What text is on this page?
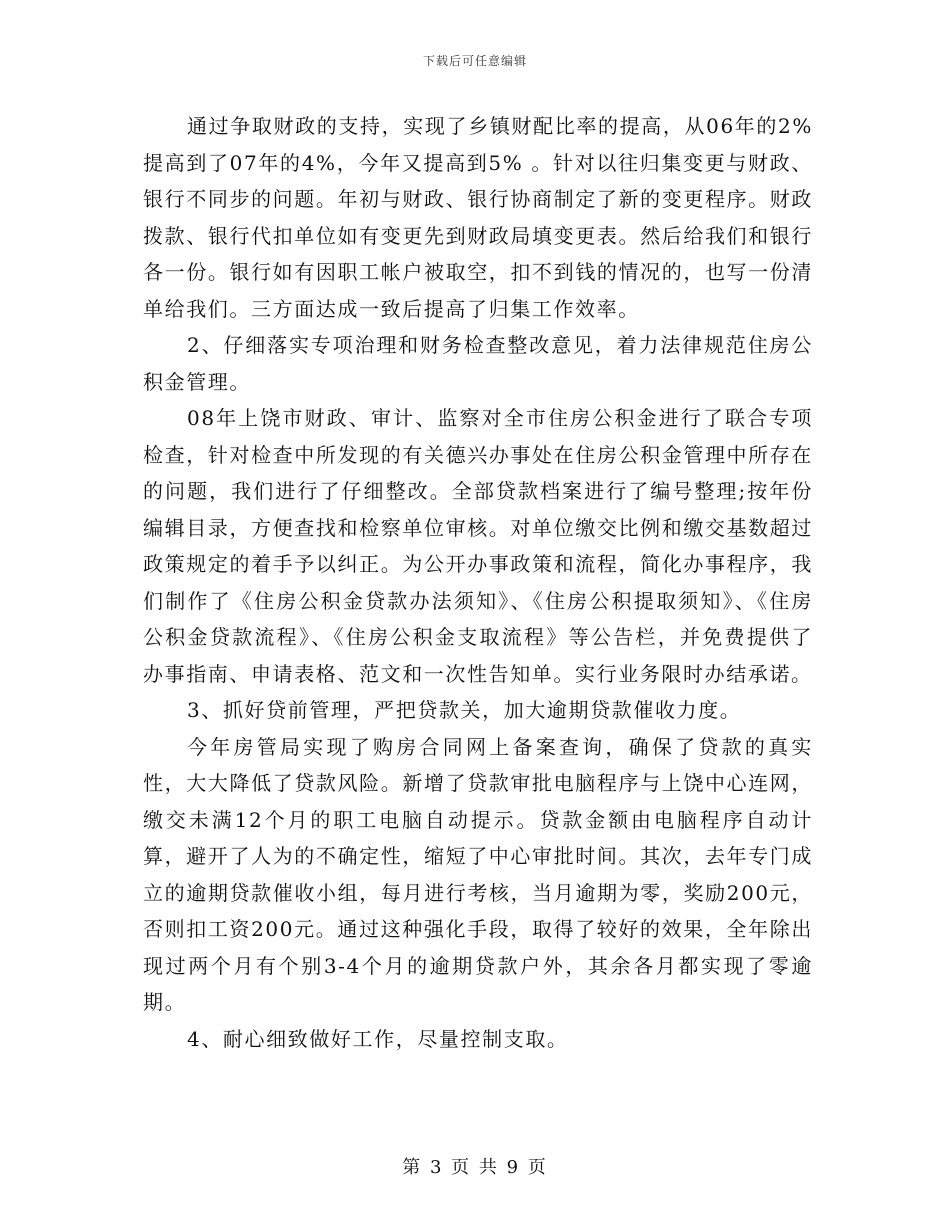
下载后可任意编辑

通过争取财政的支持，实现了乡镇财配比率的提高，从06年的2%提高到了07年的4%，今年又提高到5% 。针对以往归集变更与财政、银行不同步的问题。年初与财政、银行协商制定了新的变更程序。财政拨款、银行代扣单位如有变更先到财政局填变更表。然后给我们和银行各一份。银行如有因职工帐户被取空，扣不到钱的情况的，也写一份清单给我们。三方面达成一致后提高了归集工作效率。

2、仔细落实专项治理和财务检查整改意见，着力法律规范住房公积金管理。

08年上饶市财政、审计、监察对全市住房公积金进行了联合专项检查，针对检查中所发现的有关德兴办事处在住房公积金管理中所存在的问题，我们进行了仔细整改。全部贷款档案进行了编号整理;按年份编辑目录，方便查找和检察单位审核。对单位缴交比例和缴交基数超过政策规定的着手予以纠正。为公开办事政策和流程，简化办事程序，我们制作了《住房公积金贷款办法须知》、《住房公积提取须知》、《住房公积金贷款流程》、《住房公积金支取流程》等公告栏，并免费提供了办事指南、申请表格、范文和一次性告知单。实行业务限时办结承诺。

3、抓好贷前管理，严把贷款关，加大逾期贷款催收力度。

今年房管局实现了购房合同网上备案查询，确保了贷款的真实性，大大降低了贷款风险。新增了贷款审批电脑程序与上饶中心连网，缴交未满12个月的职工电脑自动提示。贷款金额由电脑程序自动计算，避开了人为的不确定性，缩短了中心审批时间。其次，去年专门成立的逾期贷款催收小组，每月进行考核，当月逾期为零，奖励200元，否则扣工资200元。通过这种强化手段，取得了较好的效果，全年除出现过两个月有个别3-4个月的逾期贷款户外，其余各月都实现了零逾期。

4、耐心细致做好工作，尽量控制支取。

第 3 页 共 9 页
